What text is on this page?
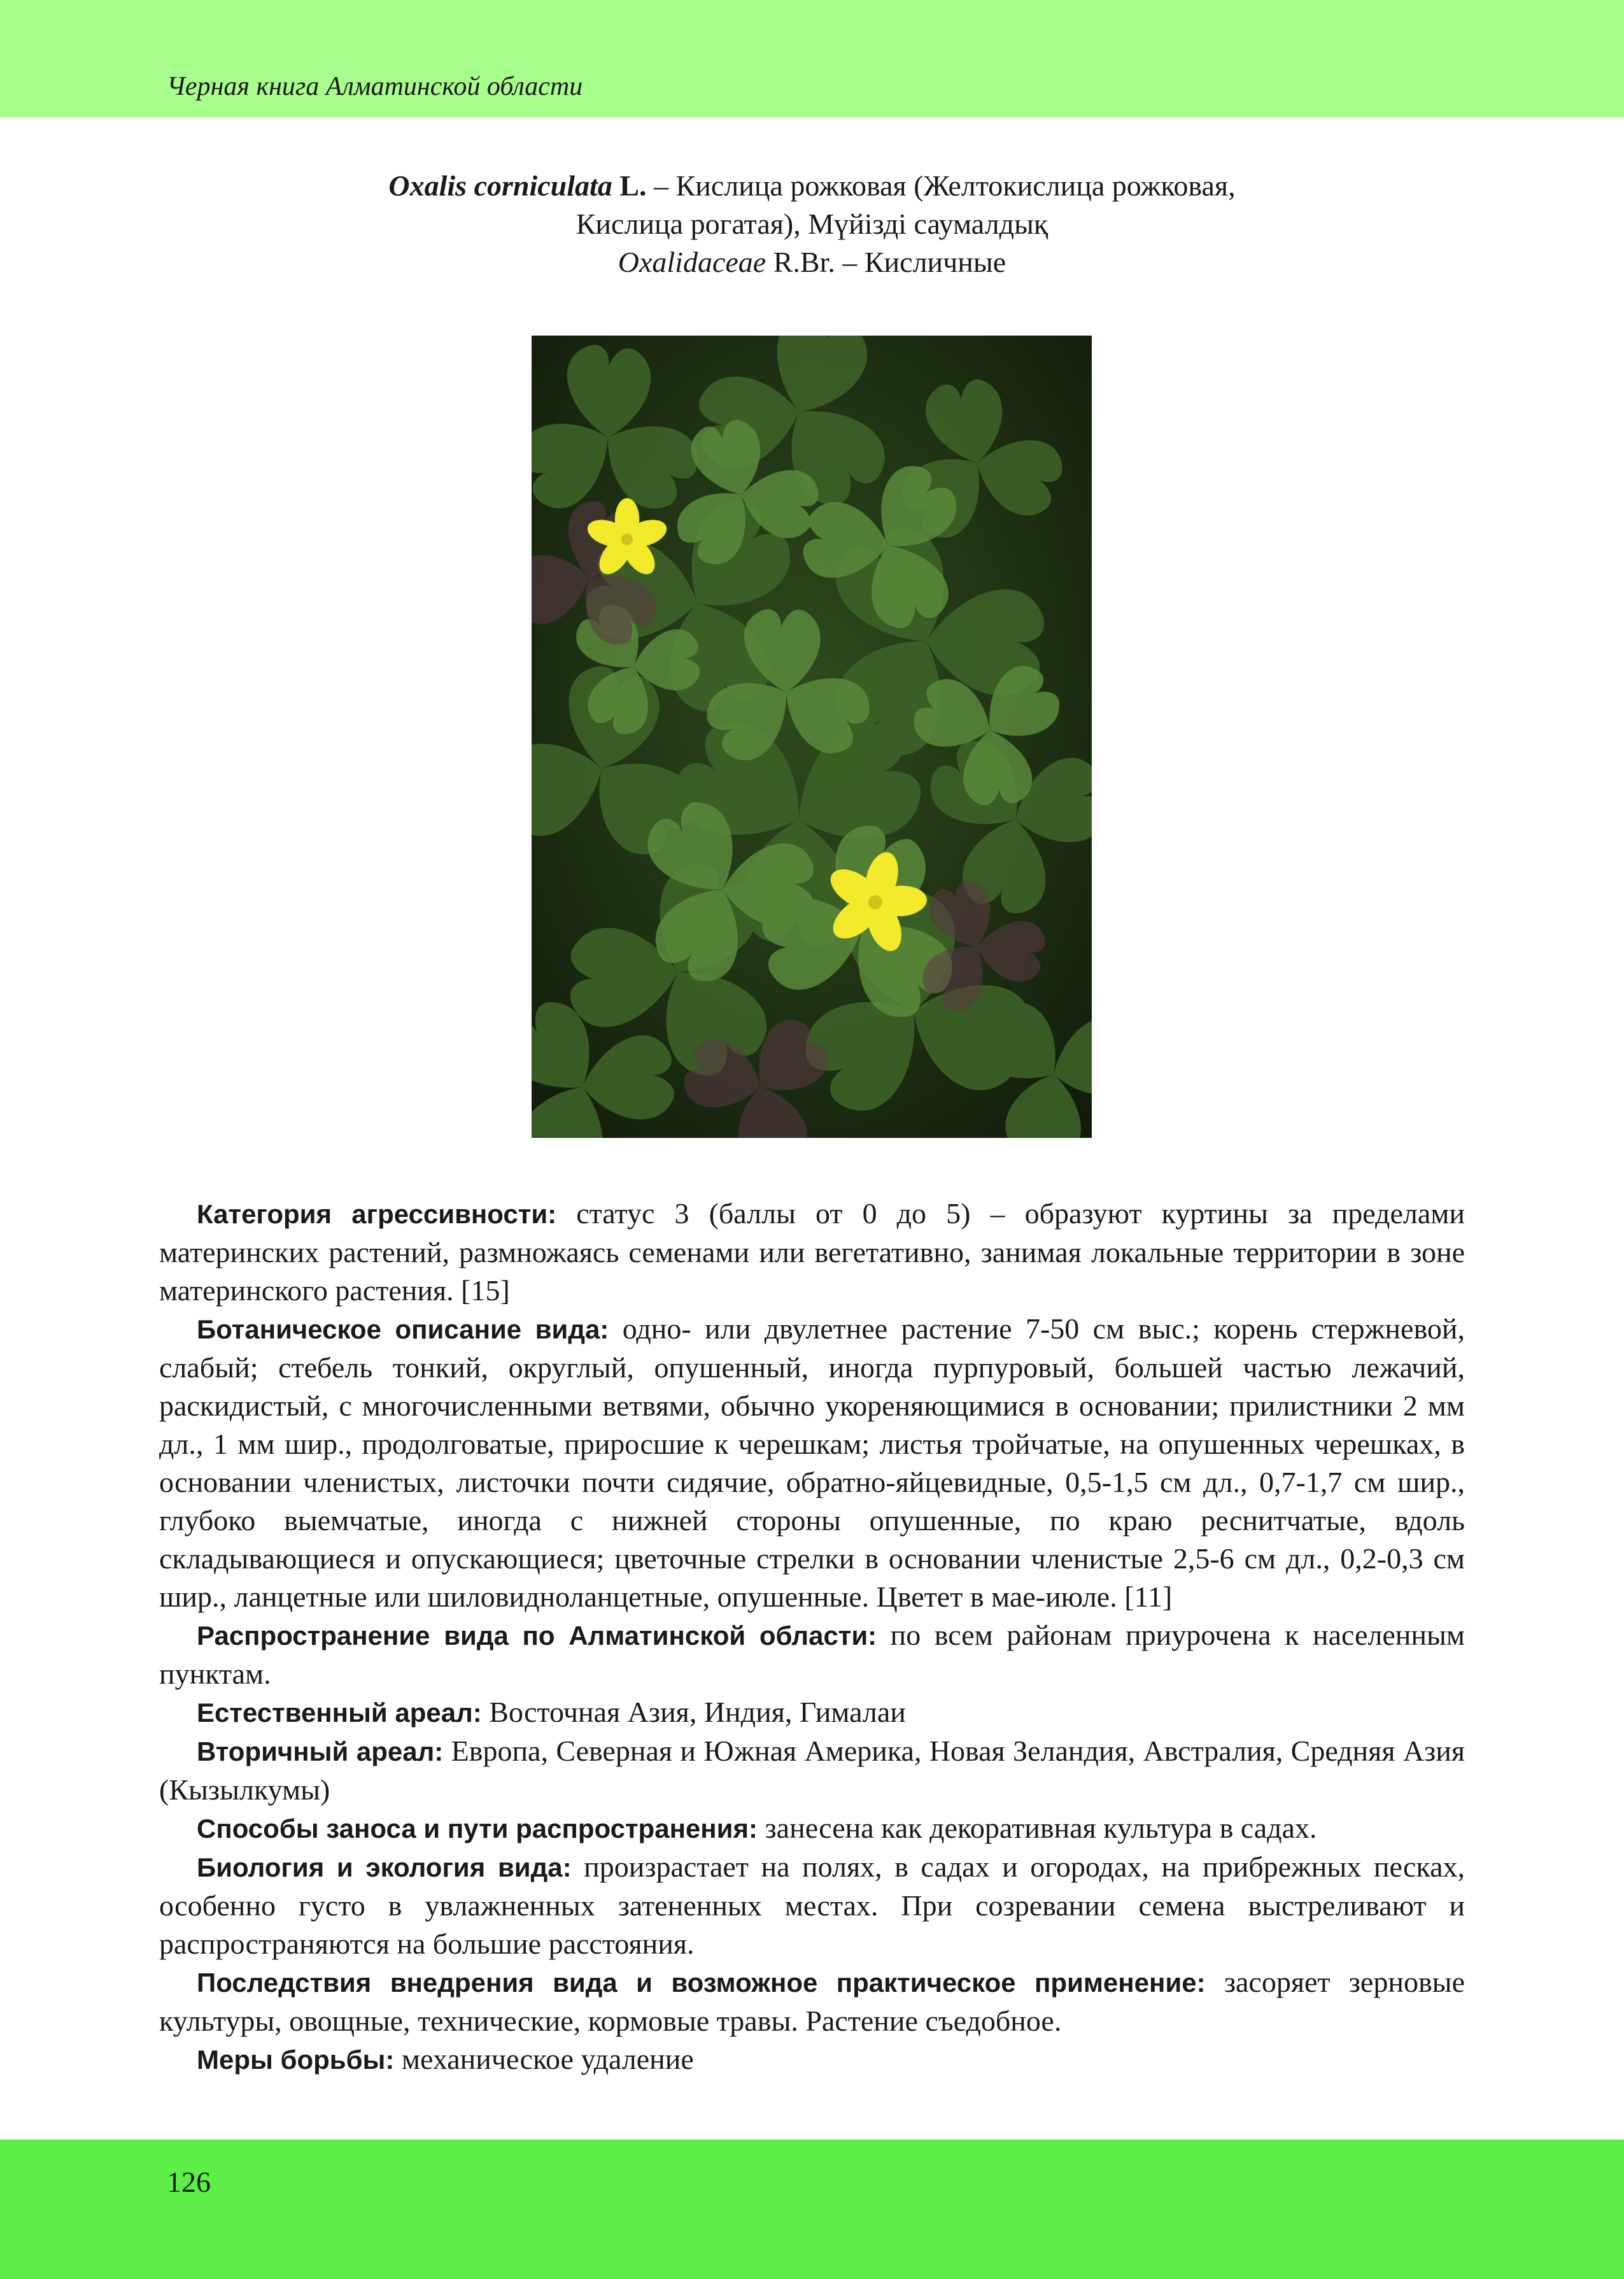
Черная книга Алматинской области
Oxalis corniculata L. – Кислица рожковая (Желтокислица рожковая,
Кислица рогатая), Мүйізді саумалдық
Oxalidaceae R.Br. – Кисличные

Категория агрессивности: статус 3 (баллы от 0 до 5) – образуют куртины за пределами материнских растений, размножаясь семенами или вегетативно, занимая локальные территории в зоне материнского растения. [15]

Ботаническое описание вида: одно- или двулетнее растение 7-50 см выс.; корень стержневой, слабый; стебель тонкий, округлый, опушенный, иногда пурпуровый, большей частью лежачий, раскидистый, с многочисленными ветвями, обычно укореняющимися в основании; прилистники 2 мм дл., 1 мм шир., продолговатые, приросшие к черешкам; листья тройчатые, на опушенных черешках, в основании членистых, листочки почти сидячие, обратно-яйцевидные, 0,5-1,5 см дл., 0,7-1,7 см шир., глубоко выемчатые, иногда с нижней стороны опушенные, по краю реснитчатые, вдоль складывающиеся и опускающиеся; цветочные стрелки в основании членистые 2,5-6 см дл., 0,2-0,3 см шир., ланцетные или шиловидноланцетные, опушенные. Цветет в мае-июле. [11]

Распространение вида по Алматинской области: по всем районам приурочена к населенным пунктам.

Естественный ареал: Восточная Азия, Индия, Гималаи

Вторичный ареал: Европа, Северная и Южная Америка, Новая Зеландия, Австралия, Средняя Азия (Кызылкумы)

Способы заноса и пути распространения: занесена как декоративная культура в садах.

Биология и экология вида: произрастает на полях, в садах и огородах, на прибрежных песках, особенно густо в увлажненных затененных местах. При созревании семена выстреливают и распространяются на большие расстояния.

Последствия внедрения вида и возможное практическое применение: засоряет зерновые культуры, овощные, технические, кормовые травы. Растение съедобное.

Меры борьбы: механическое удаление

126
